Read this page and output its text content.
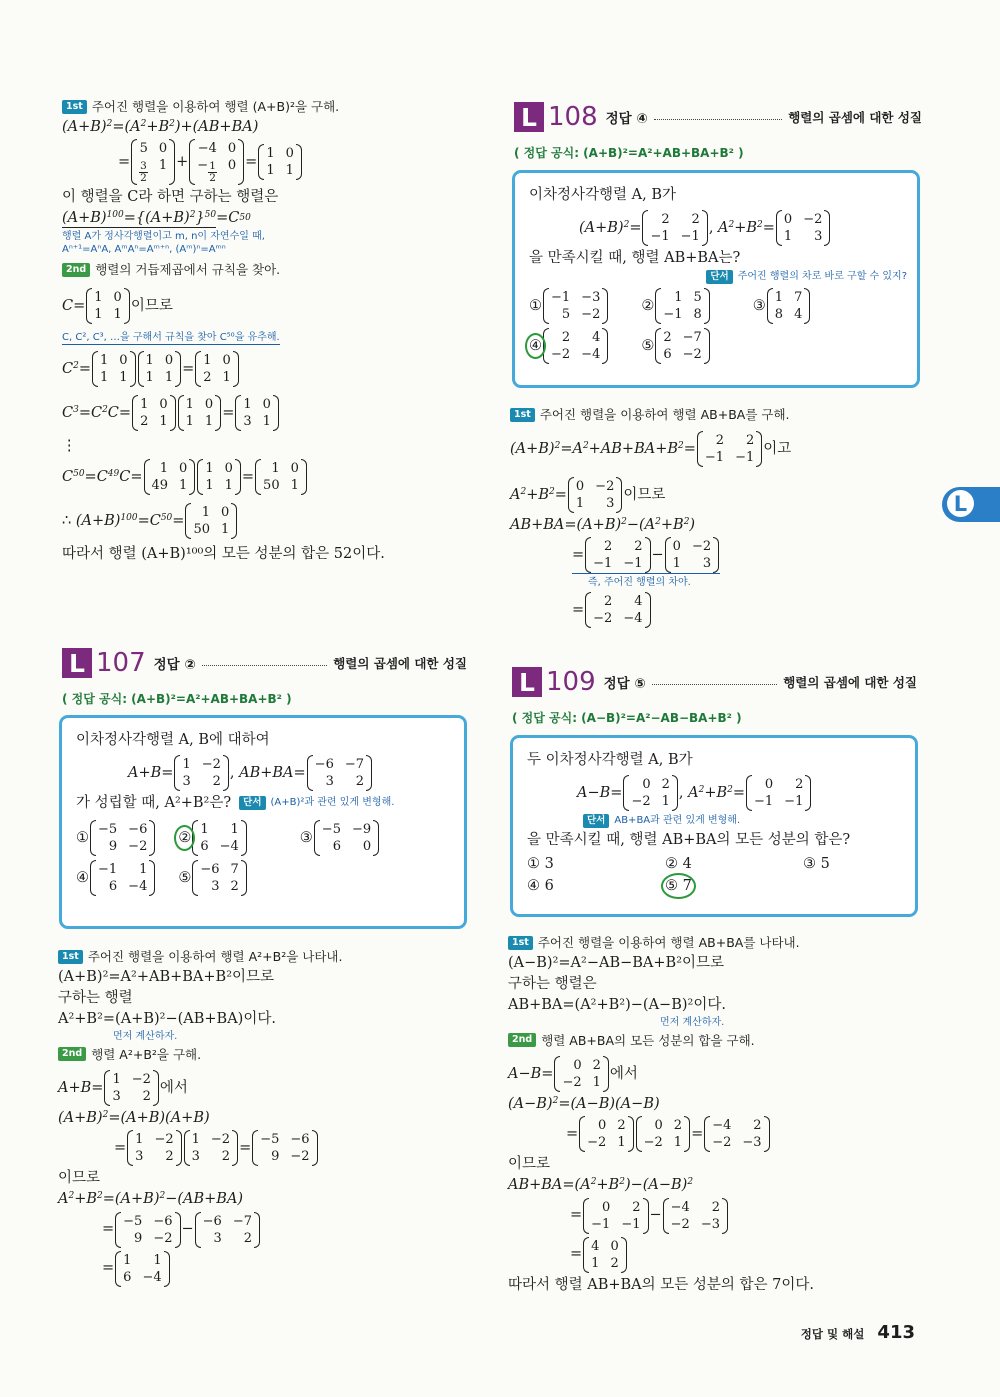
1st 주어진 행렬을 이용하여 행렬 (A+B)²을 구해.
$(A+B)^2=(A^2+B^2)+(AB+BA)$
=
5 0
$\frac{3}{2} 1$ +
−4 0
− $\frac{1}{2} 0$ =
1 0
1 1
이 행렬을 C라 하면 구하는 행렬은
$(A+B)^{100}=\{(A+B)^2\}^{50} =C$ 50
행렬 A가 정사각행렬이고 m, n이 자연수일 때,
Aⁿ⁺¹=AⁿA, AᵐAⁿ=Aᵐ⁺ⁿ, (Aᵐ)ⁿ=Aᵐⁿ
2nd 행렬의 거듭제곱에서 규칙을 찾아.
C =
1 0
1 1
이므로
C, C², C³, …을 구해서 규칙을 찾아 C⁵⁰을 유추해.
$C^2$ =
1 0
1 1
1 0
1 1
=
1 0
2 1
$C^3=C^2C$ =
1 0
2 1
1 0
1 1
=
1 0
3 1
⋮
$C^{50}=C^{49}C$ =
1 0
49 1
1 0
1 1
=
1 0
50 1
∴ $(A+B)^{100}=C^{50}$ =
1 0
50 1
따라서 행렬 (A+B)¹⁰⁰의 모든 성분의 합은 52이다.
L 107 정답 ②	행렬의 곱셈에 대한 성질
( 정답 공식: (A+B)²=A²+AB+BA+B² )
이차정사각행렬 A, B에 대하여
A+B =
1 −2
3	2
, AB+BA =
−6 −7
3	2
가 성립할 때, A²+B²은?	단서 (A+B)²과 관련 있게 변형해.
①
−5 −6
9 −2
②
1	1
6 −4
③
−5 −9
6	0
④
−1	1
6 −4
⑤
−6 7
3 2
1st 주어진 행렬을 이용하여 행렬 A²+B²을 나타내.
(A+B)²=A²+AB+BA+B²이므로
구하는 행렬
A²+B²=(A+B)²−(AB+BA)이다.
먼저 계산하자.
2nd 행렬 A²+B²을 구해.
A+B =
1 −2
3	2
에서
$(A+B)^2=(A+B)(A+B)$
=
1 −2
3	2
1 −2
3	2
=
−5 −6
9 −2
이므로
$A^2+B^2=(A+B)^2-(AB+BA)$
=
−5 −6
9 −2
−
−6 −7
3	2
=
1	1
6 −4
L 108 정답 ④	행렬의 곱셈에 대한 성질
( 정답 공식: (A+B)²=A²+AB+BA+B² )
이차정사각행렬 A, B가
$(A+B)^2$ =
2	2
−1 −1
, $A^2+B^2$ =
0 −2
1	3
을 만족시킬 때, 행렬 AB+BA는?
단서 주어진 행렬의 차로 바로 구할 수 있지?
①
−1 −3
5 −2
②
1 5
−1 8
③
1 7
8 4
④
2	4
−2 −4
⑤
2 −7
6 −2
1st 주어진 행렬을 이용하여 행렬 AB+BA를 구해.
$(A+B)^2=A^2+AB+BA+B^2$ =
2	2
−1 −1
이고
$A^2+B^2$ =
0 −2
1	3
이므로
$AB+BA=(A+B)^2-(A^2+B^2)$
=
2	2
−1 −1
−
0 −2
1	3
즉, 주어진 행렬의 차야.
=
2	4
−2 −4
L 109 정답 ⑤	행렬의 곱셈에 대한 성질
( 정답 공식: (A−B)²=A²−AB−BA+B² )
두 이차정사각행렬 A, B가
A−B =
0 2
−2 1
, $A^2+B^2$ =
0	2
−1 −1
단서 AB+BA과 관련 있게 변형해.
을 만족시킬 때, 행렬 AB+BA의 모든 성분의 합은?
① 3	② 4	③ 5
④ 6	⑤ 7
1st 주어진 행렬을 이용하여 행렬 AB+BA를 나타내.
(A−B)²=A²−AB−BA+B²이므로
구하는 행렬은
AB+BA=(A²+B²)−(A−B)²이다.
먼저 계산하자.
2nd 행렬 AB+BA의 모든 성분의 합을 구해.
A−B =
0 2
−2 1
에서
$(A-B)^2=(A-B)(A-B)$
=
0 2
−2 1
0 2
−2 1
=
−4	2
−2 −3
이므로
$AB+BA=(A^2+B^2)-(A-B)^2$
=
0	2
−1 −1
−
−4	2
−2 −3
=
4 0
1 2
따라서 행렬 AB+BA의 모든 성분의 합은 7이다.
L
정답 및 해설 413
